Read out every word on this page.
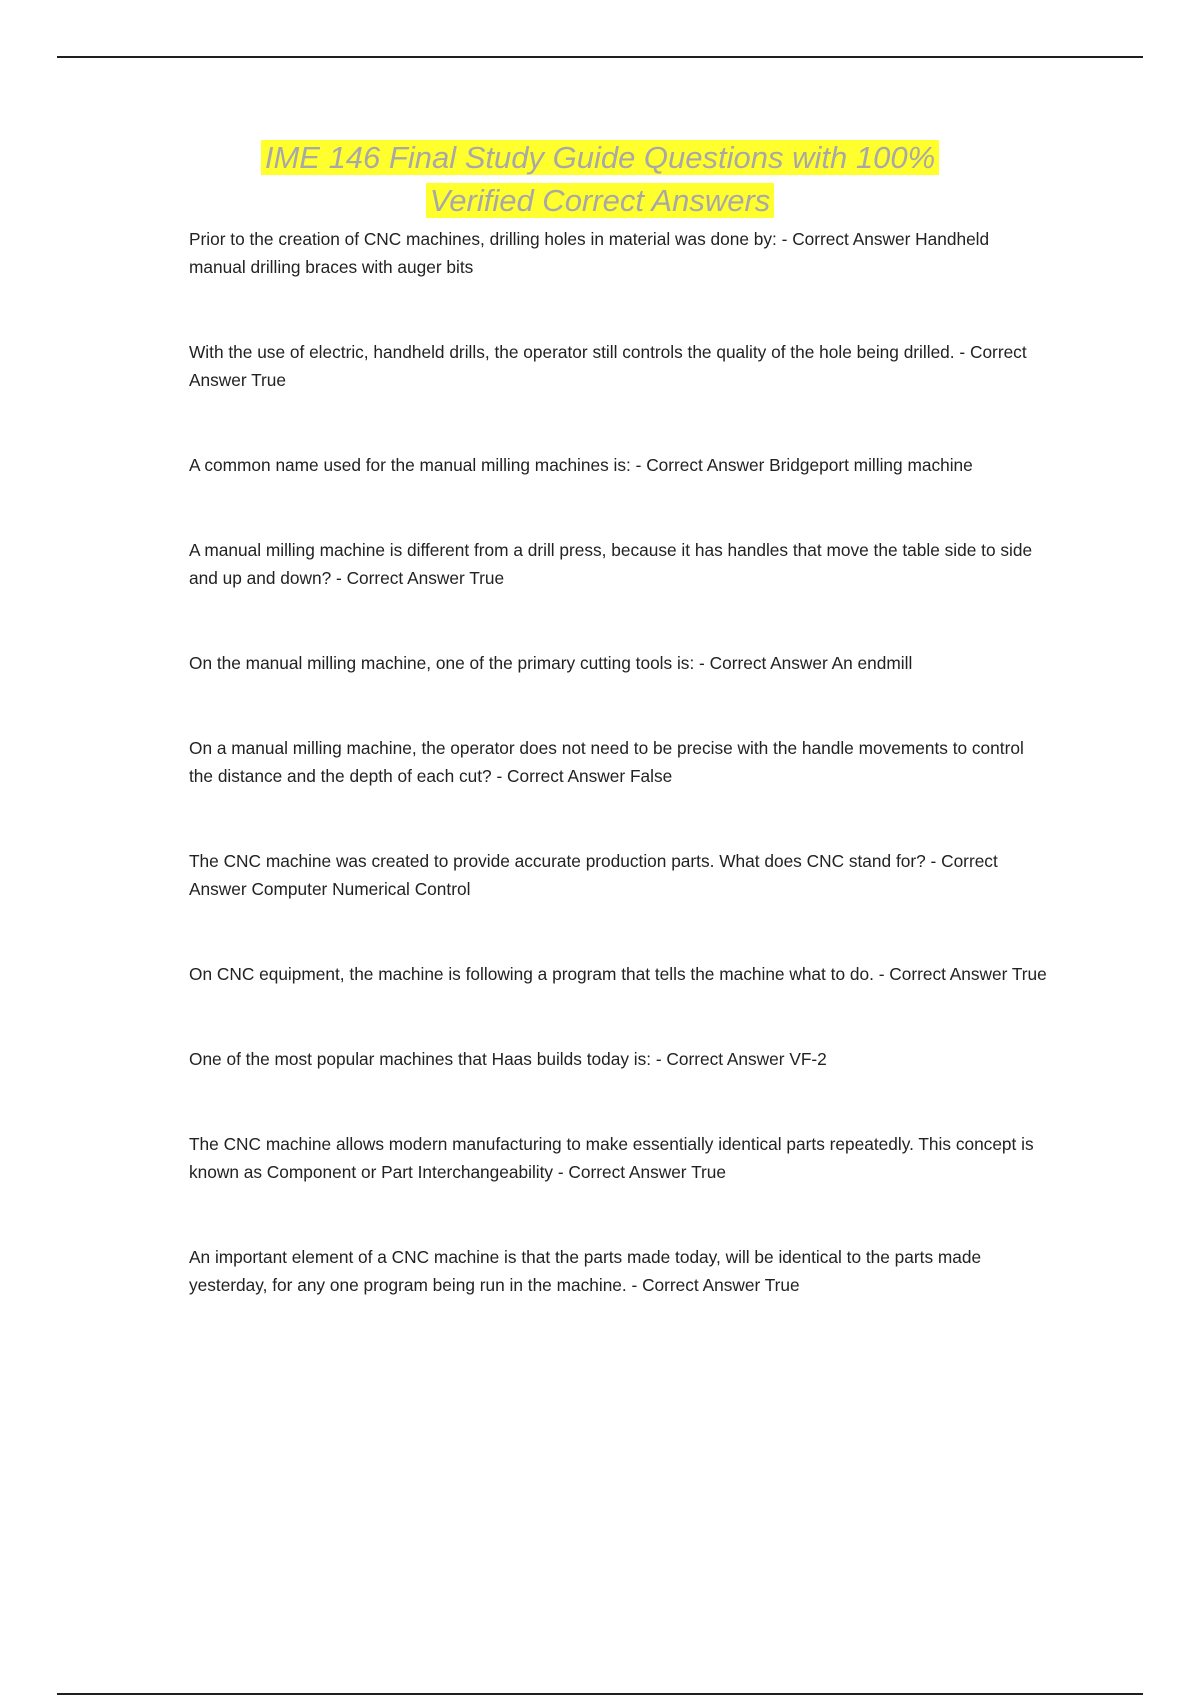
IME 146 Final Study Guide Questions with 100%
Verified Correct Answers
Prior to the creation of CNC machines, drilling holes in material was done by: - Correct Answer Handheld manual drilling braces with auger bits
With the use of electric, handheld drills, the operator still controls the quality of the hole being drilled. - Correct Answer True
A common name used for the manual milling machines is: - Correct Answer Bridgeport milling machine
A manual milling machine is different from a drill press, because it has handles that move the table side to side and up and down? - Correct Answer True
On the manual milling machine, one of the primary cutting tools is: - Correct Answer An endmill
On a manual milling machine, the operator does not need to be precise with the handle movements to control the distance and the depth of each cut? - Correct Answer False
The CNC machine was created to provide accurate production parts. What does CNC stand for? - Correct Answer Computer Numerical Control
On CNC equipment, the machine is following a program that tells the machine what to do. - Correct Answer True
One of the most popular machines that Haas builds today is: - Correct Answer VF-2
The CNC machine allows modern manufacturing to make essentially identical parts repeatedly. This concept is known as Component or Part Interchangeability - Correct Answer True
An important element of a CNC machine is that the parts made today, will be identical to the parts made yesterday, for any one program being run in the machine. - Correct Answer True
